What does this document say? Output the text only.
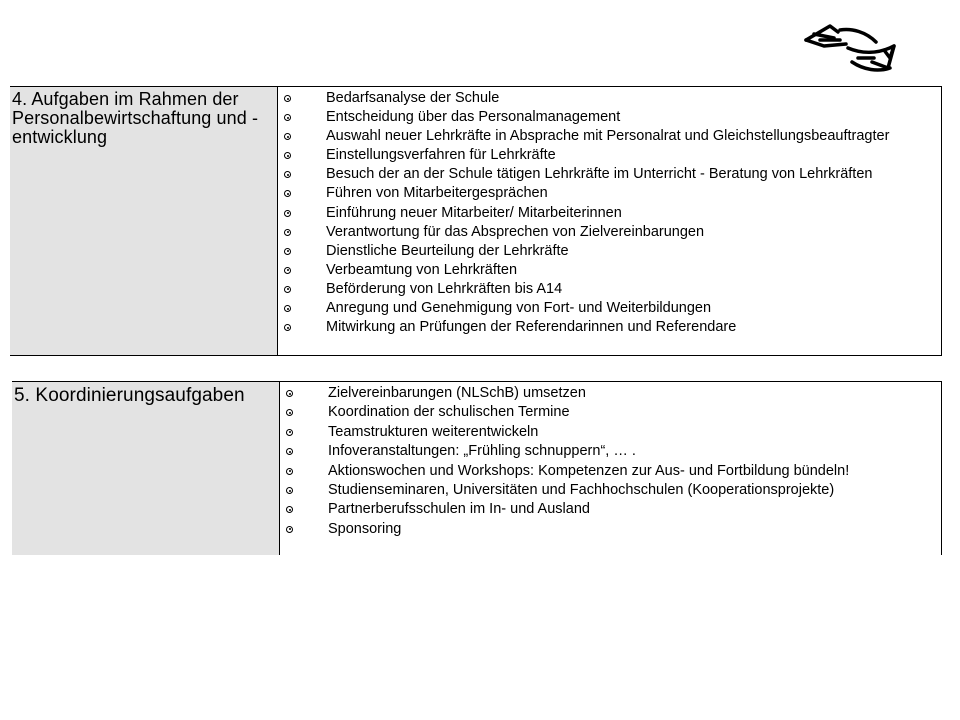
4. Aufgaben im Rahmen der Personalbewirtschaftung und -entwicklung
Bedarfsanalyse der Schule
Entscheidung über das Personalmanagement
Auswahl neuer Lehrkräfte in Absprache mit Personalrat und Gleichstellungsbeauftragter
Einstellungsverfahren für Lehrkräfte
Besuch der an der Schule tätigen Lehrkräfte im Unterricht - Beratung von Lehrkräften
Führen von Mitarbeitergesprächen
Einführung neuer Mitarbeiter/ Mitarbeiterinnen
Verantwortung für das Absprechen von Zielvereinbarungen
Dienstliche Beurteilung der Lehrkräfte
Verbeamtung von Lehrkräften
Beförderung von Lehrkräften bis A14
Anregung und Genehmigung von Fort- und Weiterbildungen
Mitwirkung an Prüfungen der Referendarinnen und Referendare
5. Koordinierungsaufgaben	Zielvereinbarungen (NLSchB) umsetzen
Koordination der schulischen Termine
Teamstrukturen weiterentwickeln
Infoveranstaltungen: „Frühling schnuppern“, … .
Aktionswochen und Workshops: Kompetenzen zur Aus- und Fortbildung bündeln!
Studienseminaren, Universitäten und Fachhochschulen (Kooperationsprojekte)
Partnerberufsschulen im In- und Ausland
Sponsoring
